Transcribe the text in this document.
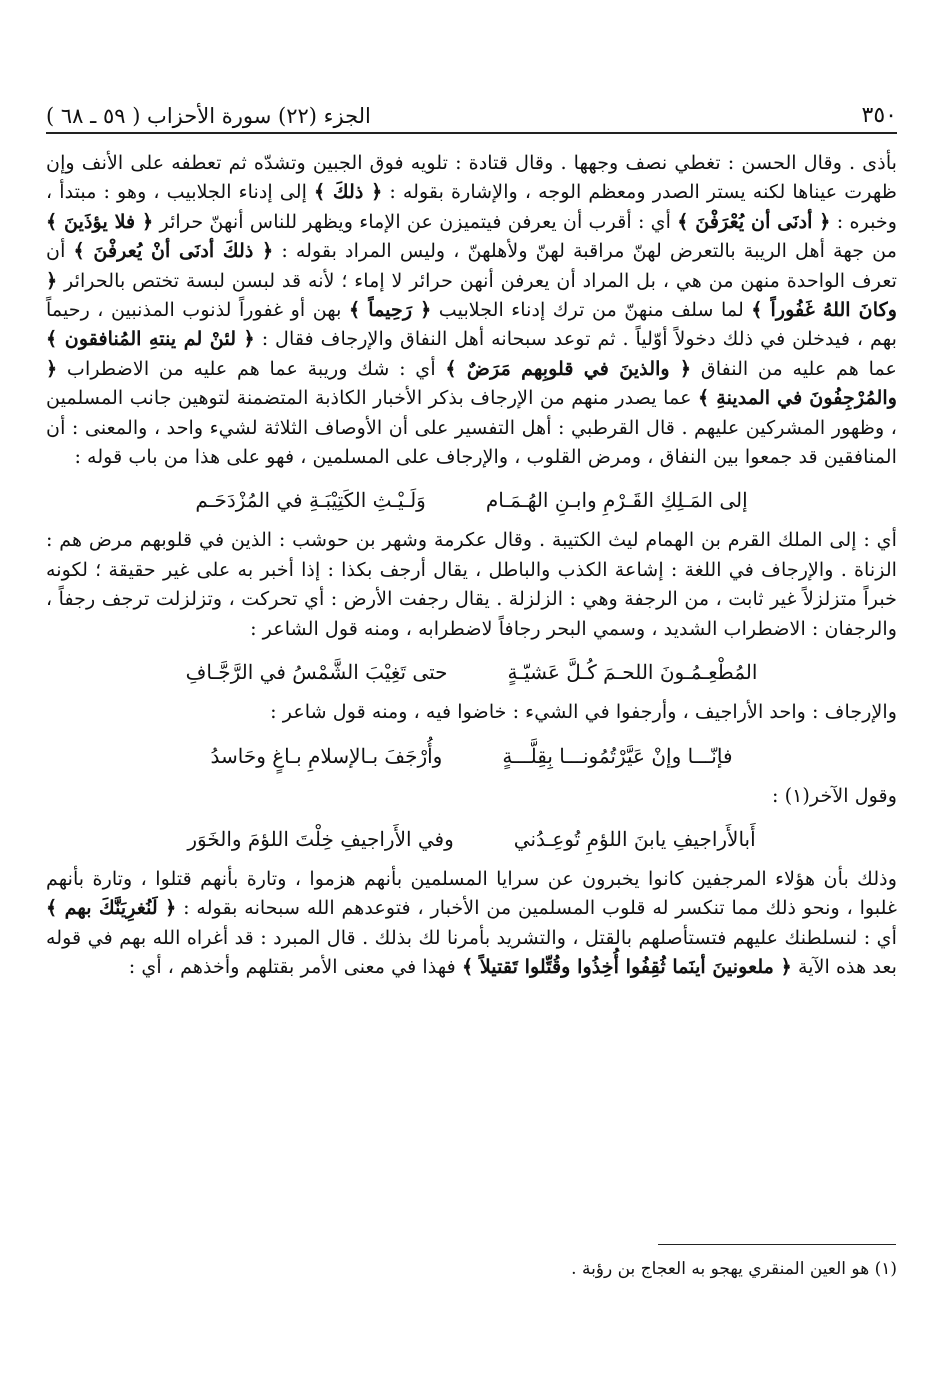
٣٥٠
الجزء (٢٢) سورة الأحزاب ( ٥٩ ـ ٦٨ )

بأذى . وقال الحسن : تغطي نصف وجهها . وقال قتادة : تلويه فوق الجبين وتشدّه ثم تعطفه على الأنف وإن ظهرت عيناها لكنه يستر الصدر ومعظم الوجه ، والإشارة بقوله : ﴿ ذلكَ ﴾ إلى إدناء الجلابيب ، وهو : مبتدأ ، وخبره : ﴿ أدنَى أن يُعْرَفْنَ ﴾ أي : أقرب أن يعرفن فيتميزن عن الإماء ويظهر للناس أنهنّ حرائر ﴿ فلا يؤذَينَ ﴾ من جهة أهل الريبة بالتعرض لهنّ مراقبة لهنّ ولأهلهنّ ، وليس المراد بقوله : ﴿ ذلكَ أدنَى أنْ يُعرفْنَ ﴾ أن تعرف الواحدة منهن من هي ، بل المراد أن يعرفن أنهن حرائر لا إماء ؛ لأنه قد لبسن لبسة تختص بالحرائر ﴿ وكانَ اللهُ غَفُوراً ﴾ لما سلف منهنّ من ترك إدناء الجلابيب ﴿ رَحِيماً ﴾ بهن أو غفوراً لذنوب المذنبين ، رحيماً بهم ، فيدخلن في ذلك دخولاً أوّلياً . ثم توعد سبحانه أهل النفاق والإرجاف فقال : ﴿ لئنْ لم ينتهِ المُنافقون ﴾ عما هم عليه من النفاق ﴿ والذينَ في قلوبِهم مَرَضٌ ﴾ أي : شك وريبة عما هم عليه من الاضطراب ﴿ والمُرْجِفُونَ في المدينةِ ﴾ عما يصدر منهم من الإرجاف بذكر الأخبار الكاذبة المتضمنة لتوهين جانب المسلمين ، وظهور المشركين عليهم . قال القرطبي : أهل التفسير على أن الأوصاف الثلاثة لشيء واحد ، والمعنى : أن المنافقين قد جمعوا بين النفاق ، ومرض القلوب ، والإرجاف على المسلمين ، فهو على هذا من باب قوله :

إلى المَـلِكِ القَـرْمِ وابـنِ الهُـمَـام
وَلَـيْـثِ الكَتِيْبَـةِ في المُزْدَحَـم

أي : إلى الملك القرم بن الهمام ليث الكتيبة . وقال عكرمة وشهر بن حوشب : الذين في قلوبهم مرض هم : الزناة . والإرجاف في اللغة : إشاعة الكذب والباطل ، يقال أرجف بكذا : إذا أخبر به على غير حقيقة ؛ لكونه خبراً متزلزلاً غير ثابت ، من الرجفة وهي : الزلزلة . يقال رجفت الأرض : أي تحركت ، وتزلزلت ترجف رجفاً ، والرجفان : الاضطراب الشديد ، وسمي البحر رجافاً لاضطرابه ، ومنه قول الشاعر :

المُطْعِـمُـونَ اللحـمَ كُـلَّ عَشيّـةٍ
حتى تَغِيْبَ الشَّمْسُ في الرَّجَّـافِ

والإرجاف : واحد الأراجيف ، وأرجفوا في الشيء : خاضوا فيه ، ومنه قول شاعر :

فإنّـــا وإنْ عَيَّرْتُمُونـــا بِقِلَّـــةٍ
وأُرْجَفَ بـالإسلامِ بـاغٍ وحَاسدُ

وقول الآخر(١) :

أَبالأَراجيفِ يابنَ اللؤمِ تُوعِـدُني
وفي الأَراجيفِ خِلْتَ اللؤمَ والخَوَر

وذلك بأن هؤلاء المرجفين كانوا يخبرون عن سرايا المسلمين بأنهم هزموا ، وتارة بأنهم قتلوا ، وتارة بأنهم غلبوا ، ونحو ذلك مما تنكسر له قلوب المسلمين من الأخبار ، فتوعدهم الله سبحانه بقوله : ﴿ لَنُغرِيَنَّكَ بهم ﴾ أي : لنسلطنك عليهم فتستأصلهم بالقتل ، والتشريد بأمرنا لك بذلك . قال المبرد : قد أغراه الله بهم في قوله بعد هذه الآية ﴿ ملعونينَ أينَما ثُقِفُوا أُخِذُوا وقُتِّلوا تَقتيلاً ﴾ فهذا في معنى الأمر بقتلهم وأخذهم ، أي :

(١) هو العين المنقري يهجو به العجاج بن رؤبة .
